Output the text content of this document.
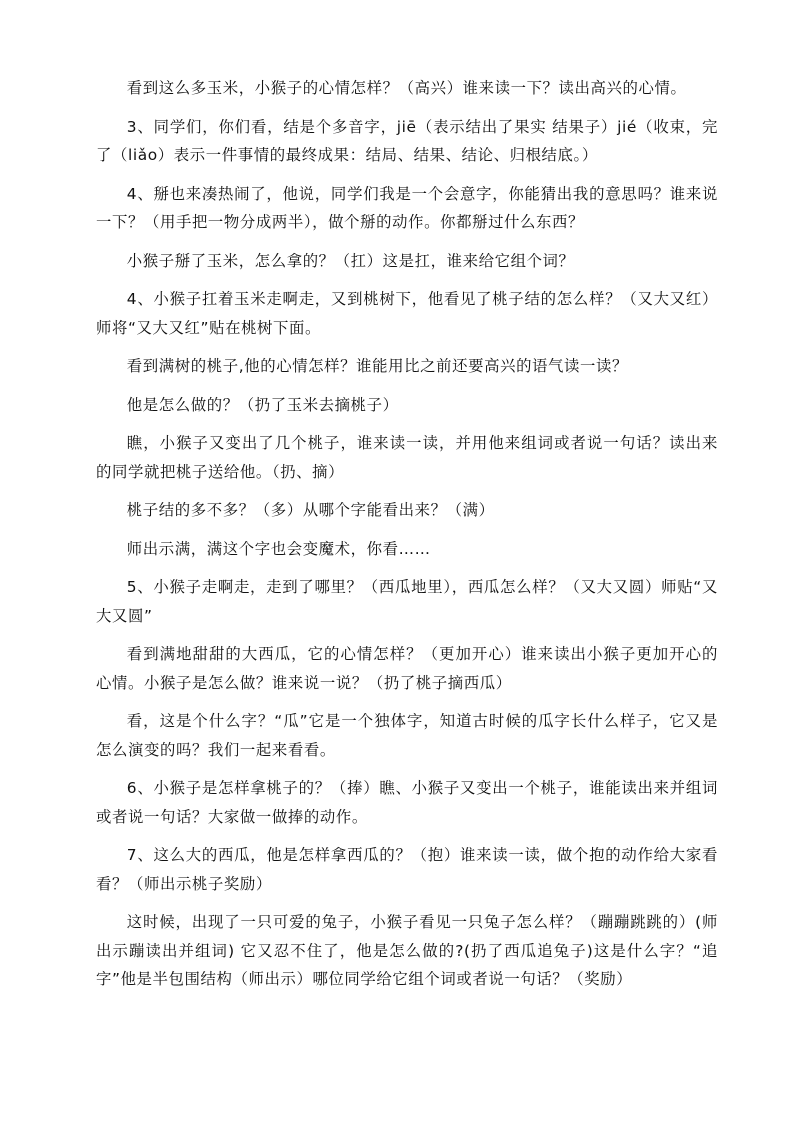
看到这么多玉米，小猴子的心情怎样？（高兴）谁来读一下？读出高兴的心情。

3、同学们，你们看，结是个多音字，jiē（表示结出了果实 结果子）jié（收束，完了（liǎo）表示一件事情的最终成果：结局、结果、结论、归根结底。）

4、掰也来凑热闹了，他说，同学们我是一个会意字，你能猜出我的意思吗？谁来说一下？（用手把一物分成两半），做个掰的动作。你都掰过什么东西？

小猴子掰了玉米，怎么拿的？（扛）这是扛，谁来给它组个词？

4、小猴子扛着玉米走啊走，又到桃树下，他看见了桃子结的怎么样？（又大又红）师将“又大又红”贴在桃树下面。

看到满树的桃子,他的心情怎样？谁能用比之前还要高兴的语气读一读？

他是怎么做的？（扔了玉米去摘桃子）

瞧，小猴子又变出了几个桃子，谁来读一读，并用他来组词或者说一句话？读出来的同学就把桃子送给他。（扔、摘）

桃子结的多不多？（多）从哪个字能看出来？（满）

师出示满，满这个字也会变魔术，你看……

5、小猴子走啊走，走到了哪里？（西瓜地里），西瓜怎么样？（又大又圆）师贴“又大又圆”

看到满地甜甜的大西瓜，它的心情怎样？（更加开心）谁来读出小猴子更加开心的心情。小猴子是怎么做？谁来说一说？（扔了桃子摘西瓜）

看，这是个什么字？“瓜”它是一个独体字，知道古时候的瓜字长什么样子，它又是怎么演变的吗？我们一起来看看。

6、小猴子是怎样拿桃子的？（捧）瞧、小猴子又变出一个桃子，谁能读出来并组词或者说一句话？大家做一做捧的动作。

7、这么大的西瓜，他是怎样拿西瓜的？（抱）谁来读一读，做个抱的动作给大家看看？（师出示桃子奖励）

这时候，出现了一只可爱的兔子，小猴子看见一只兔子怎么样？（蹦蹦跳跳的）(师出示蹦读出并组词) 它又忍不住了，他是怎么做的?(扔了西瓜追兔子)这是什么字？“追字”他是半包围结构（师出示）哪位同学给它组个词或者说一句话？（奖励）
